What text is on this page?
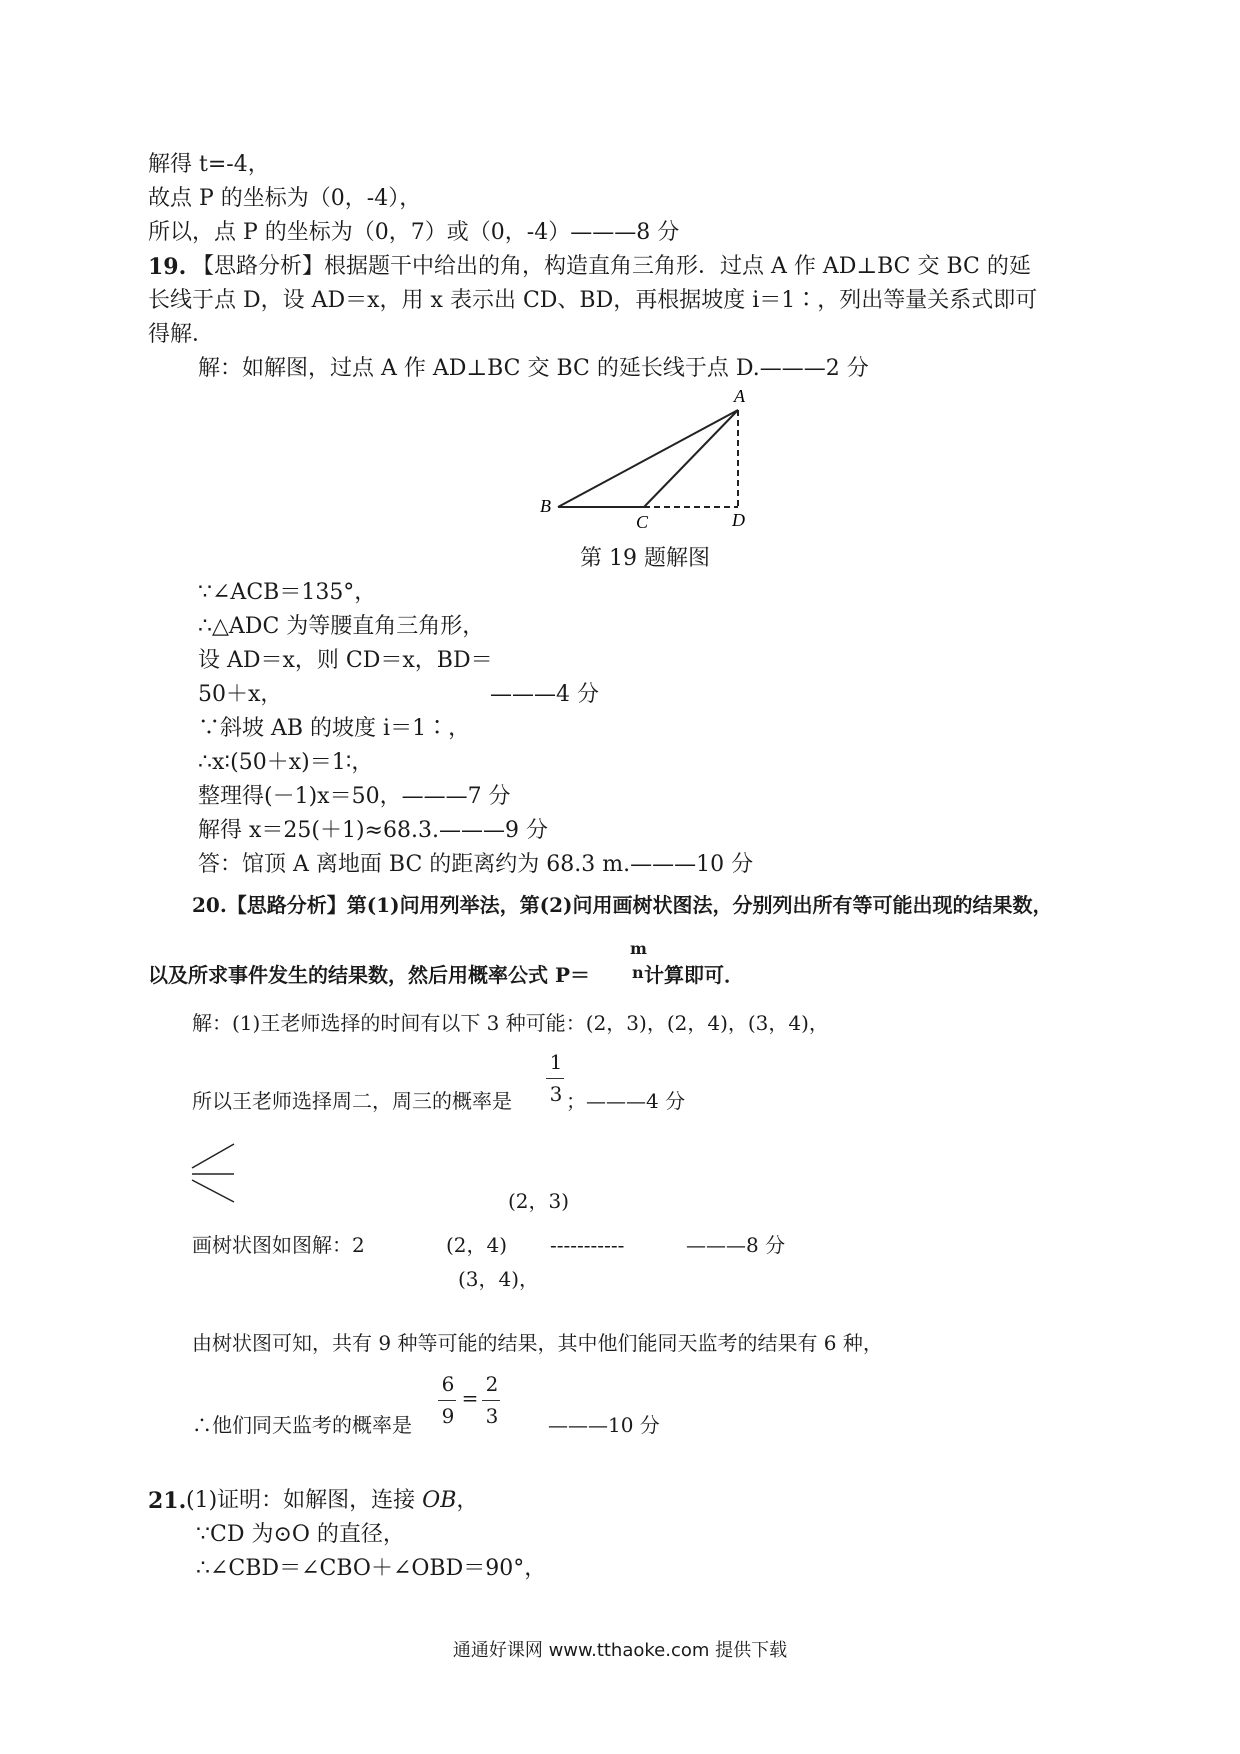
解得 t=-4，
故点 P 的坐标为（0，-4），
所以，点 P 的坐标为（0，7）或（0，-4）———8 分
19. 【思路分析】根据题干中给出的角，构造直角三角形．过点 A 作 AD⊥BC 交 BC 的延
长线于点 D，设 AD＝x，用 x 表示出 CD、BD，再根据坡度 i＝1∶，列出等量关系式即可
得解．
解：如解图，过点 A 作 AD⊥BC 交 BC 的延长线于点 D.———2 分
A
B
C	D
第 19 题解图
∵∠ACB＝135°，
∴△ADC 为等腰直角三角形，
设 AD＝x，则 CD＝x，BD＝
50＋x，	———4 分
∵斜坡 AB 的坡度 i＝1∶，
∴x∶(50＋x)＝1∶，
整理得(－1)x＝50，———7 分
解得 x＝25(＋1)≈68.3.———9 分
答：馆顶 A 离地面 BC 的距离约为 68.3 m.———10 分
20.【思路分析】第(1)问用列举法，第(2)问用画树状图法，分别列出所有等可能出现的结果数，
以及所求事件发生的结果数，然后用概率公式 P＝
m
n 计算即可．
解：(1)王老师选择的时间有以下 3 种可能：(2，3)，(2，4)，(3，4)，
1
3
所以王老师选择周二，周三的概率是	；———4 分
(2，3)
画树状图如图解：2	(2，4) -----------	———8 分
(3，4)，
由树状图可知，共有 9 种等可能的结果，其中他们能同天监考的结果有 6 种，
6
9
=
2
3
∴他们同天监考的概率是	———10 分
21. (1)证明：如解图，连接 OB，
∵CD 为⊙O 的直径，
∴∠CBD＝∠CBO＋∠OBD＝90°，
通通好课网 www.tthaoke.com 提供下载
